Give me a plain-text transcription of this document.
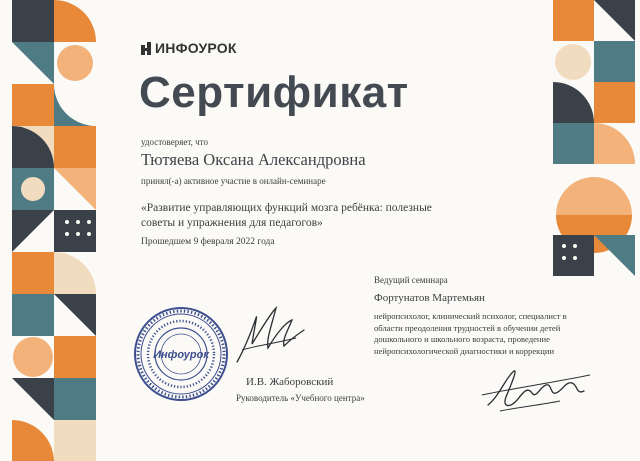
ИНФОУРОК
Сертификат
удостоверяет, что
Тютяева Оксана Александровна
принял(-а) активное участие в онлайн-семинаре
«Развитие управляющих функций мозга ребёнка: полезные советы и упражнения для педагогов»
Прошедшем 9 февраля 2022 года
Ведущий семинара
Фортунатов Мартемьян
нейропсихолог, клинический психолог, специалист в области преодоления трудностей в обучении детей дошкольного и школьного возраста, проведение нейропсихологической диагностики и коррекции
Инфоурок
И.В. Жаборовский
Руководитель «Учебного центра»
